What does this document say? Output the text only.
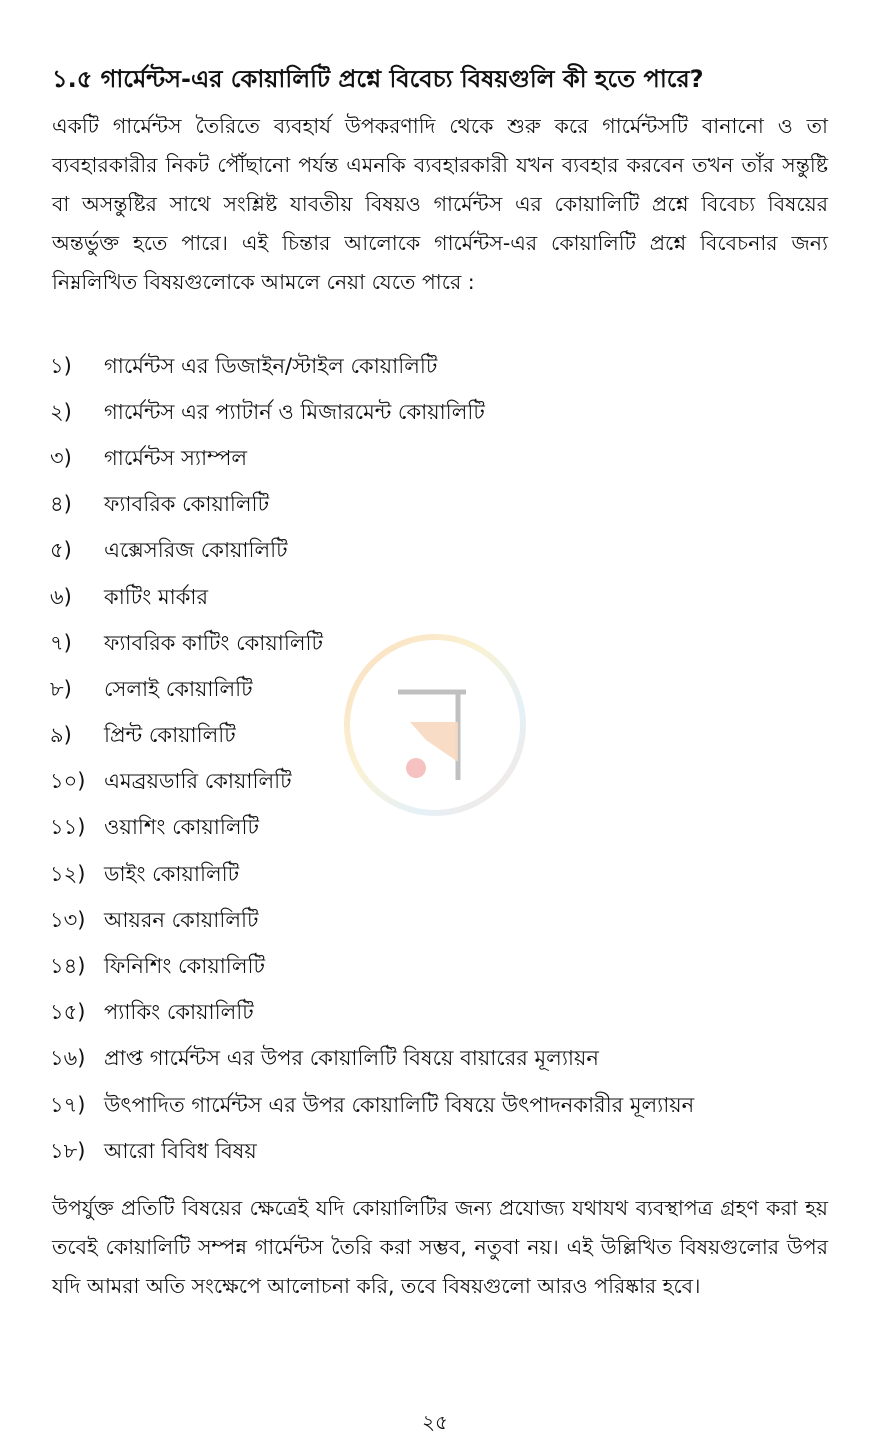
১.৫ গার্মেন্টস-এর কোয়ালিটি প্রশ্নে বিবেচ্য বিষয়গুলি কী হতে পারে?
একটি গার্মেন্টস তৈরিতে ব্যবহার্য উপকরণাদি থেকে শুরু করে গার্মেন্টসটি বানানো ও তা ব্যবহারকারীর নিকট পৌঁছানো পর্যন্ত এমনকি ব্যবহারকারী যখন ব্যবহার করবেন তখন তাঁর সন্তুষ্টি বা অসন্তুষ্টির সাথে সংশ্লিষ্ট যাবতীয় বিষয়ও গার্মেন্টস এর কোয়ালিটি প্রশ্নে বিবেচ্য বিষয়ের অন্তর্ভুক্ত হতে পারে। এই চিন্তার আলোকে গার্মেন্টস-এর কোয়ালিটি প্রশ্নে বিবেচনার জন্য নিম্নলিখিত বিষয়গুলোকে আমলে নেয়া যেতে পারে :
১)	গার্মেন্টস এর ডিজাইন/স্টাইল কোয়ালিটি
২)	গার্মেন্টস এর প্যাটার্ন ও মিজারমেন্ট কোয়ালিটি
৩)	গার্মেন্টস স্যাম্পল
৪)	ফ্যাবরিক কোয়ালিটি
৫)	এক্সেসরিজ কোয়ালিটি
৬)	কাটিং মার্কার
৭)	ফ্যাবরিক কাটিং কোয়ালিটি
৮)	সেলাই কোয়ালিটি
৯)	প্রিন্ট কোয়ালিটি
১০) এমব্রয়ডারি কোয়ালিটি
১১) ওয়াশিং কোয়ালিটি
১২) ডাইং কোয়ালিটি
১৩) আয়রন কোয়ালিটি
১৪) ফিনিশিং কোয়ালিটি
১৫) প্যাকিং কোয়ালিটি
১৬) প্রাপ্ত গার্মেন্টস এর উপর কোয়ালিটি বিষয়ে বায়ারের মূল্যায়ন
১৭) উৎপাদিত গার্মেন্টস এর উপর কোয়ালিটি বিষয়ে উৎপাদনকারীর মূল্যায়ন
১৮) আরো বিবিধ বিষয়
উপর্যুক্ত প্রতিটি বিষয়ের ক্ষেত্রেই যদি কোয়ালিটির জন্য প্রযোজ্য যথাযথ ব্যবস্থাপত্র গ্রহণ করা হয় তবেই কোয়ালিটি সম্পন্ন গার্মেন্টস তৈরি করা সম্ভব, নতুবা নয়। এই উল্লিখিত বিষয়গুলোর উপর যদি আমরা অতি সংক্ষেপে আলোচনা করি, তবে বিষয়গুলো আরও পরিষ্কার হবে।
২৫
